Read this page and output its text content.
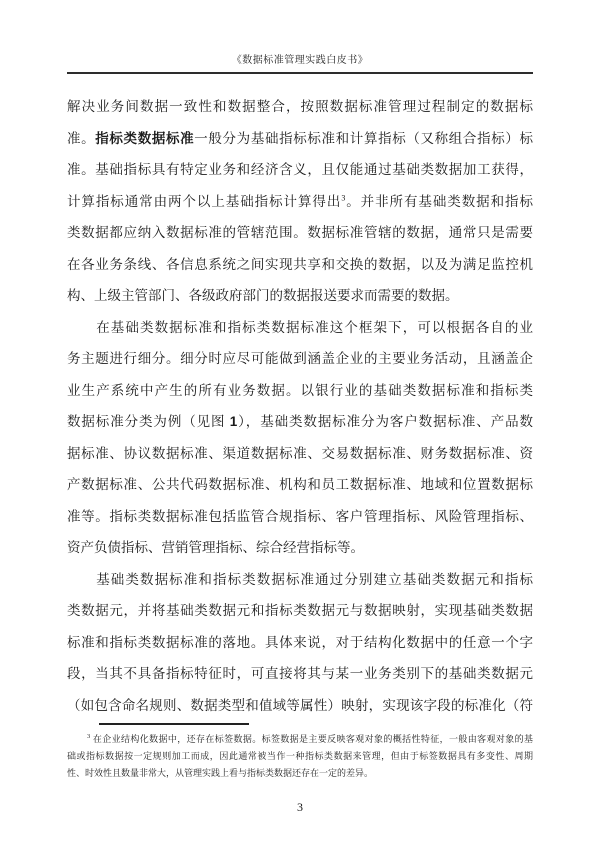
《数据标准管理实践白皮书》
解决业务间数据一致性和数据整合，按照数据标准管理过程制定的数据标
准。指标类数据标准一般分为基础指标标准和计算指标（又称组合指标）标
准。基础指标具有特定业务和经济含义，且仅能通过基础类数据加工获得，
计算指标通常由两个以上基础指标计算得出$^3$。并非所有基础类数据和指标
类数据都应纳入数据标准的管辖范围。数据标准管辖的数据，通常只是需要
在各业务条线、各信息系统之间实现共享和交换的数据，以及为满足监控机
构、上级主管部门、各级政府部门的数据报送要求而需要的数据。
　　在基础类数据标准和指标类数据标准这个框架下，可以根据各自的业
务主题进行细分。细分时应尽可能做到涵盖企业的主要业务活动，且涵盖企
业生产系统中产生的所有业务数据。以银行业的基础类数据标准和指标类
数据标准分类为例（见图 1），基础类数据标准分为客户数据标准、产品数
据标准、协议数据标准、渠道数据标准、交易数据标准、财务数据标准、资
产数据标准、公共代码数据标准、机构和员工数据标准、地域和位置数据标
准等。指标类数据标准包括监管合规指标、客户管理指标、风险管理指标、
资产负债指标、营销管理指标、综合经营指标等。
　　基础类数据标准和指标类数据标准通过分别建立基础类数据元和指标
类数据元，并将基础类数据元和指标类数据元与数据映射，实现基础类数据
标准和指标类数据标准的落地。具体来说，对于结构化数据中的任意一个字
段，当其不具备指标特征时，可直接将其与某一业务类别下的基础类数据元
（如包含命名规则、数据类型和值域等属性）映射，实现该字段的标准化（符
$^3$ 在企业结构化数据中，还存在标签数据。标签数据是主要反映客观对象的概括性特征，一般由客观对象的基
础或指标数据按一定规则加工而成，因此通常被当作一种指标类数据来管理，但由于标签数据具有多变性、周期
性、时效性且数量非常大，从管理实践上看与指标类数据还存在一定的差异。
3
